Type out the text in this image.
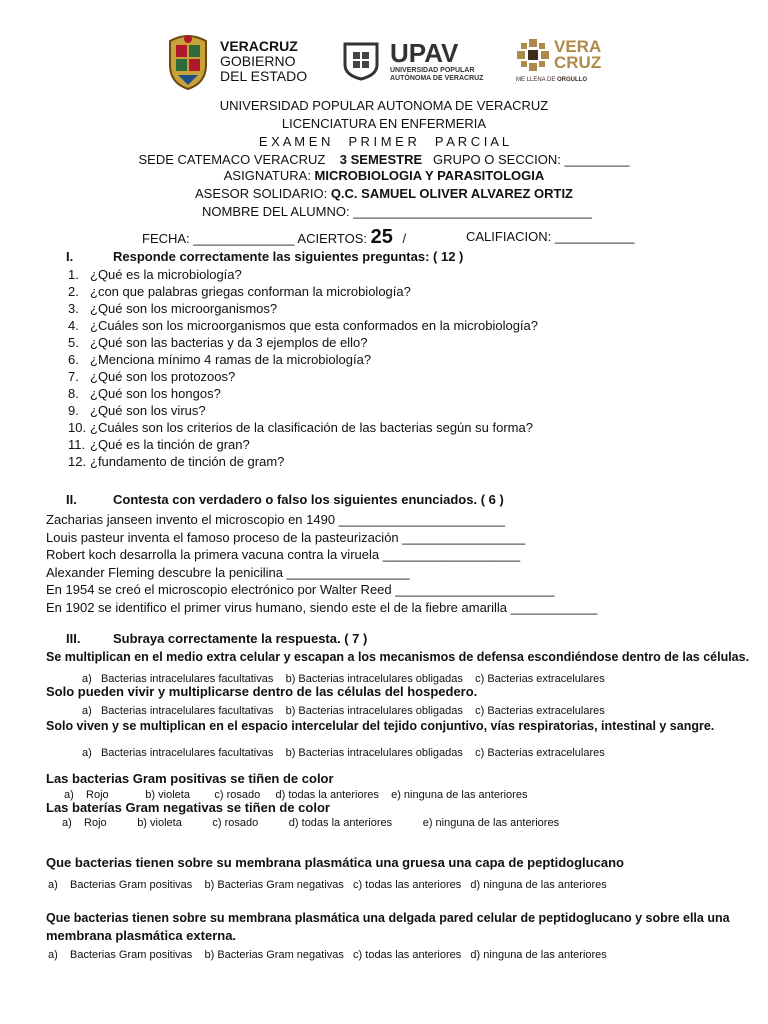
VERACRUZ
GOBIERNO
DEL ESTADO
UPAV
UNIVERSIDAD POPULAR
AUTÓNOMA DE VERACRUZ
VERA
CRUZ
ME LLENA DE ORGULLO
UNIVERSIDAD POPULAR AUTONOMA DE VERACRUZ
LICENCIATURA EN ENFERMERIA
E X A M E N     P R I M E R     P A R C I A L
SEDE CATEMACO VERACRUZ 3 SEMESTRE GRUPO O SECCION: _________
ASIGNATURA: MICROBIOLOGIA Y PARASITOLOGIA
ASESOR SOLIDARIO: Q.C. SAMUEL OLIVER ALVAREZ ORTIZ
NOMBRE DEL ALUMNO: _________________________________
FECHA: ______________ ACIERTOS: 25 /	CALIFIACION: ___________
I.	Responde correctamente las siguientes preguntas: ( 12 )
1. ¿Qué es la microbiología?
2. ¿con que palabras griegas conforman la microbiología?
3. ¿Qué son los microorganismos?
4. ¿Cuáles son los microorganismos que esta conformados en la microbiología?
5. ¿Qué son las bacterias y da 3 ejemplos de ello?
6. ¿Menciona mínimo 4 ramas de la microbiología?
7. ¿Qué son los protozoos?
8. ¿Qué son los hongos?
9. ¿Qué son los virus?
10. ¿Cuáles son los criterios de la clasificación de las bacterias según su forma?
11. ¿Qué es la tinción de gran?
12. ¿fundamento de tinción de gram?
II.	Contesta con verdadero o falso los siguientes enunciados. ( 6 )
Zacharias janseen invento el microscopio en 1490 _______________________
Louis pasteur inventa el famoso proceso de la pasteurización _________________
Robert koch desarrolla la primera vacuna contra la viruela ___________________
Alexander Fleming descubre la penicilina _________________
En 1954 se creó el microscopio electrónico por Walter Reed ______________________
En 1902 se identifico el primer virus humano, siendo este el de la fiebre amarilla ____________
III.	Subraya correctamente la respuesta. ( 7 )
Se multiplican en el medio extra celular y escapan a los mecanismos de defensa escondiéndose dentro de las células.
a)   Bacterias intracelulares facultativas    b) Bacterias intracelulares obligadas    c) Bacterias extracelulares
Solo pueden vivir y multiplicarse dentro de las células del hospedero.
a)   Bacterias intracelulares facultativas    b) Bacterias intracelulares obligadas    c) Bacterias extracelulares
Solo viven y se multiplican en el espacio intercelular del tejido conjuntivo, vías respiratorias, intestinal y sangre.
a)   Bacterias intracelulares facultativas    b) Bacterias intracelulares obligadas    c) Bacterias extracelulares
Las bacterias Gram positivas se tiñen de color
a)    Rojo            b) violeta        c) rosado     d) todas la anteriores    e) ninguna de las anteriores
Las baterías Gram negativas se tiñen de color
a)    Rojo          b) violeta          c) rosado          d) todas la anteriores          e) ninguna de las anteriores
Que bacterias tienen sobre su membrana plasmática una gruesa una capa de peptidoglucano
a)    Bacterias Gram positivas    b) Bacterias Gram negativas   c) todas las anteriores   d) ninguna de las anteriores
Que bacterias tienen sobre su membrana plasmática una delgada pared celular de peptidoglucano y sobre ella una
membrana plasmática externa.
a)    Bacterias Gram positivas    b) Bacterias Gram negativas   c) todas las anteriores   d) ninguna de las anteriores
